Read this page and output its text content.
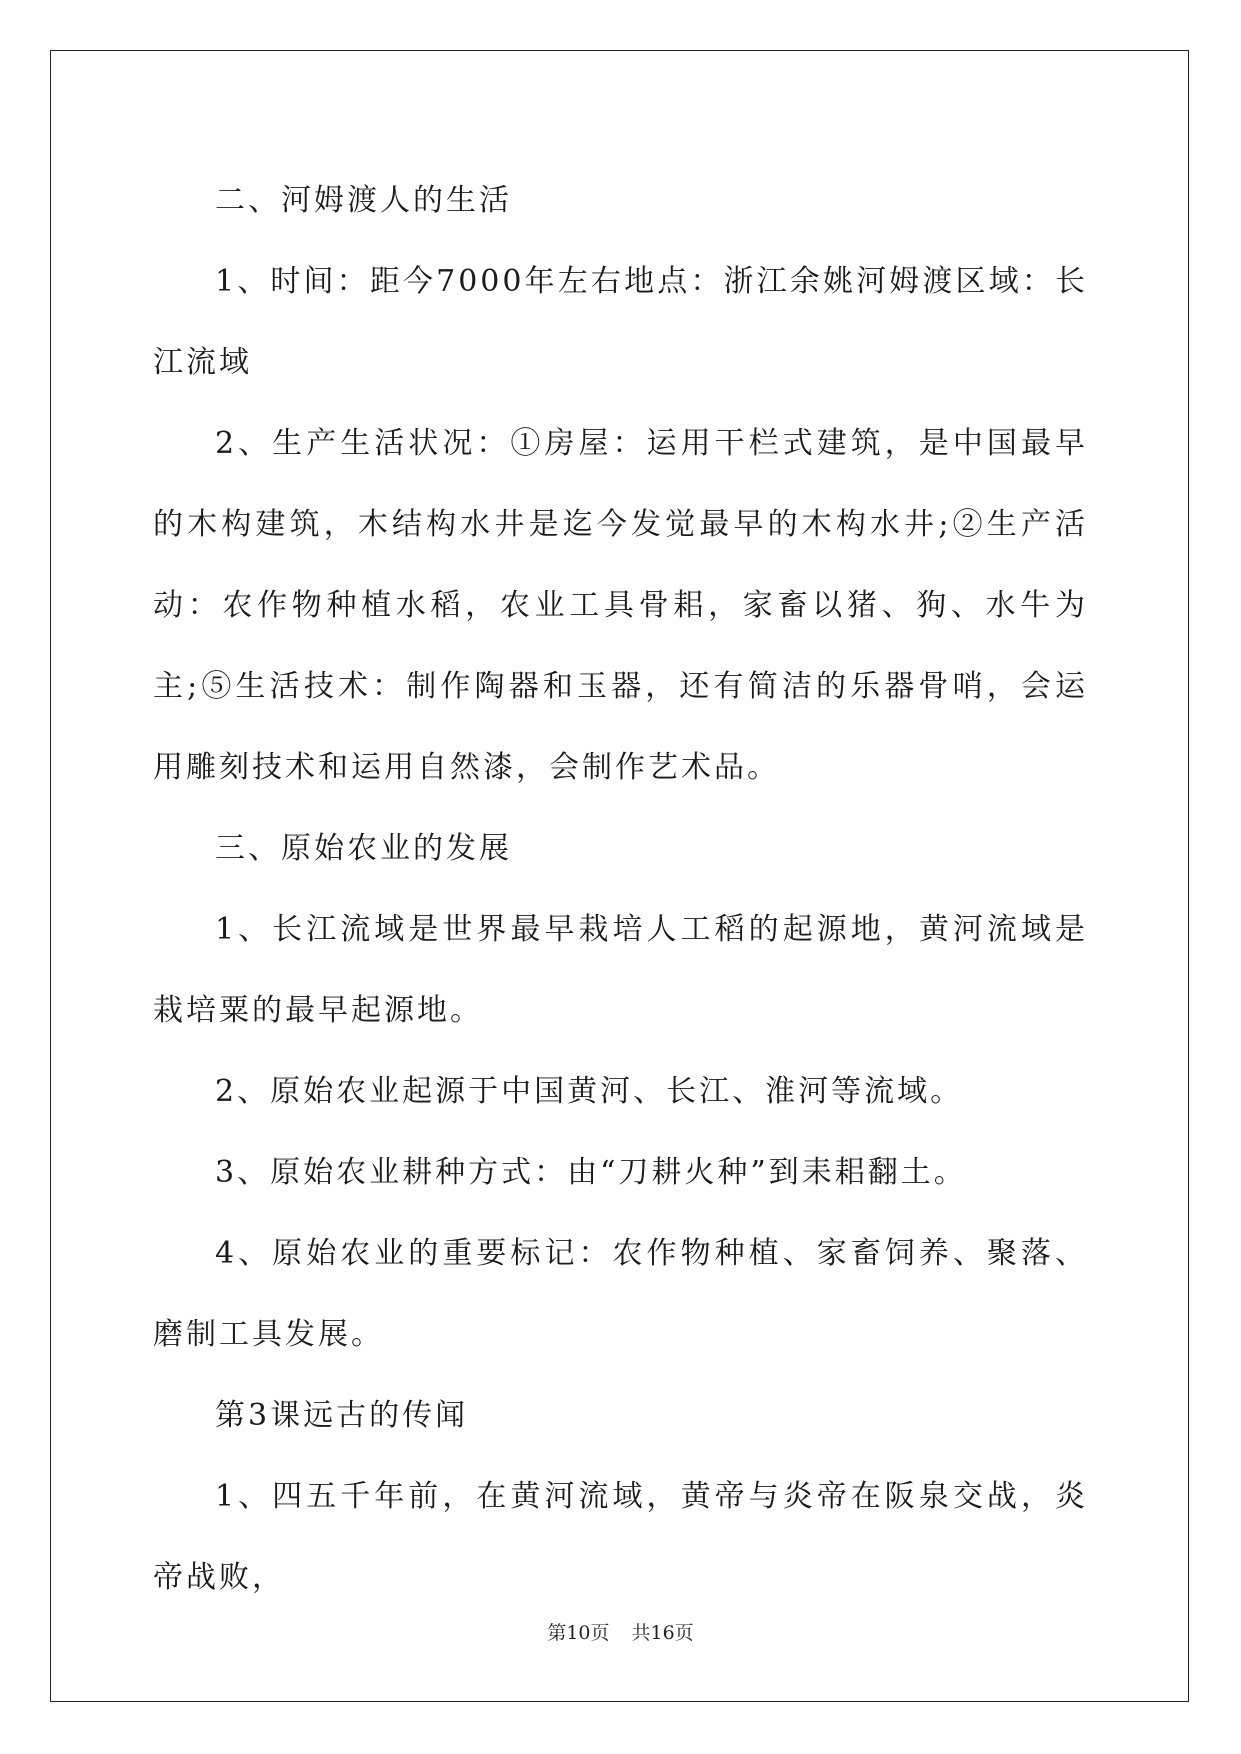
二、河姆渡人的生活

1、时间：距今7000年左右地点：浙江余姚河姆渡区域：长江流域

2、生产生活状况：①房屋：运用干栏式建筑，是中国最早的木构建筑，木结构水井是迄今发觉最早的木构水井;②生产活动：农作物种植水稻，农业工具骨耜，家畜以猪、狗、水牛为主;⑤生活技术：制作陶器和玉器，还有简洁的乐器骨哨，会运用雕刻技术和运用自然漆，会制作艺术品。

三、原始农业的发展

1、长江流域是世界最早栽培人工稻的起源地，黄河流域是栽培粟的最早起源地。

2、原始农业起源于中国黄河、长江、淮河等流域。

3、原始农业耕种方式：由“刀耕火种”到耒耜翻土。

4、原始农业的重要标记：农作物种植、家畜饲养、聚落、磨制工具发展。

第3课远古的传闻

1、四五千年前，在黄河流域，黄帝与炎帝在阪泉交战，炎帝战败，

第10页 共16页
